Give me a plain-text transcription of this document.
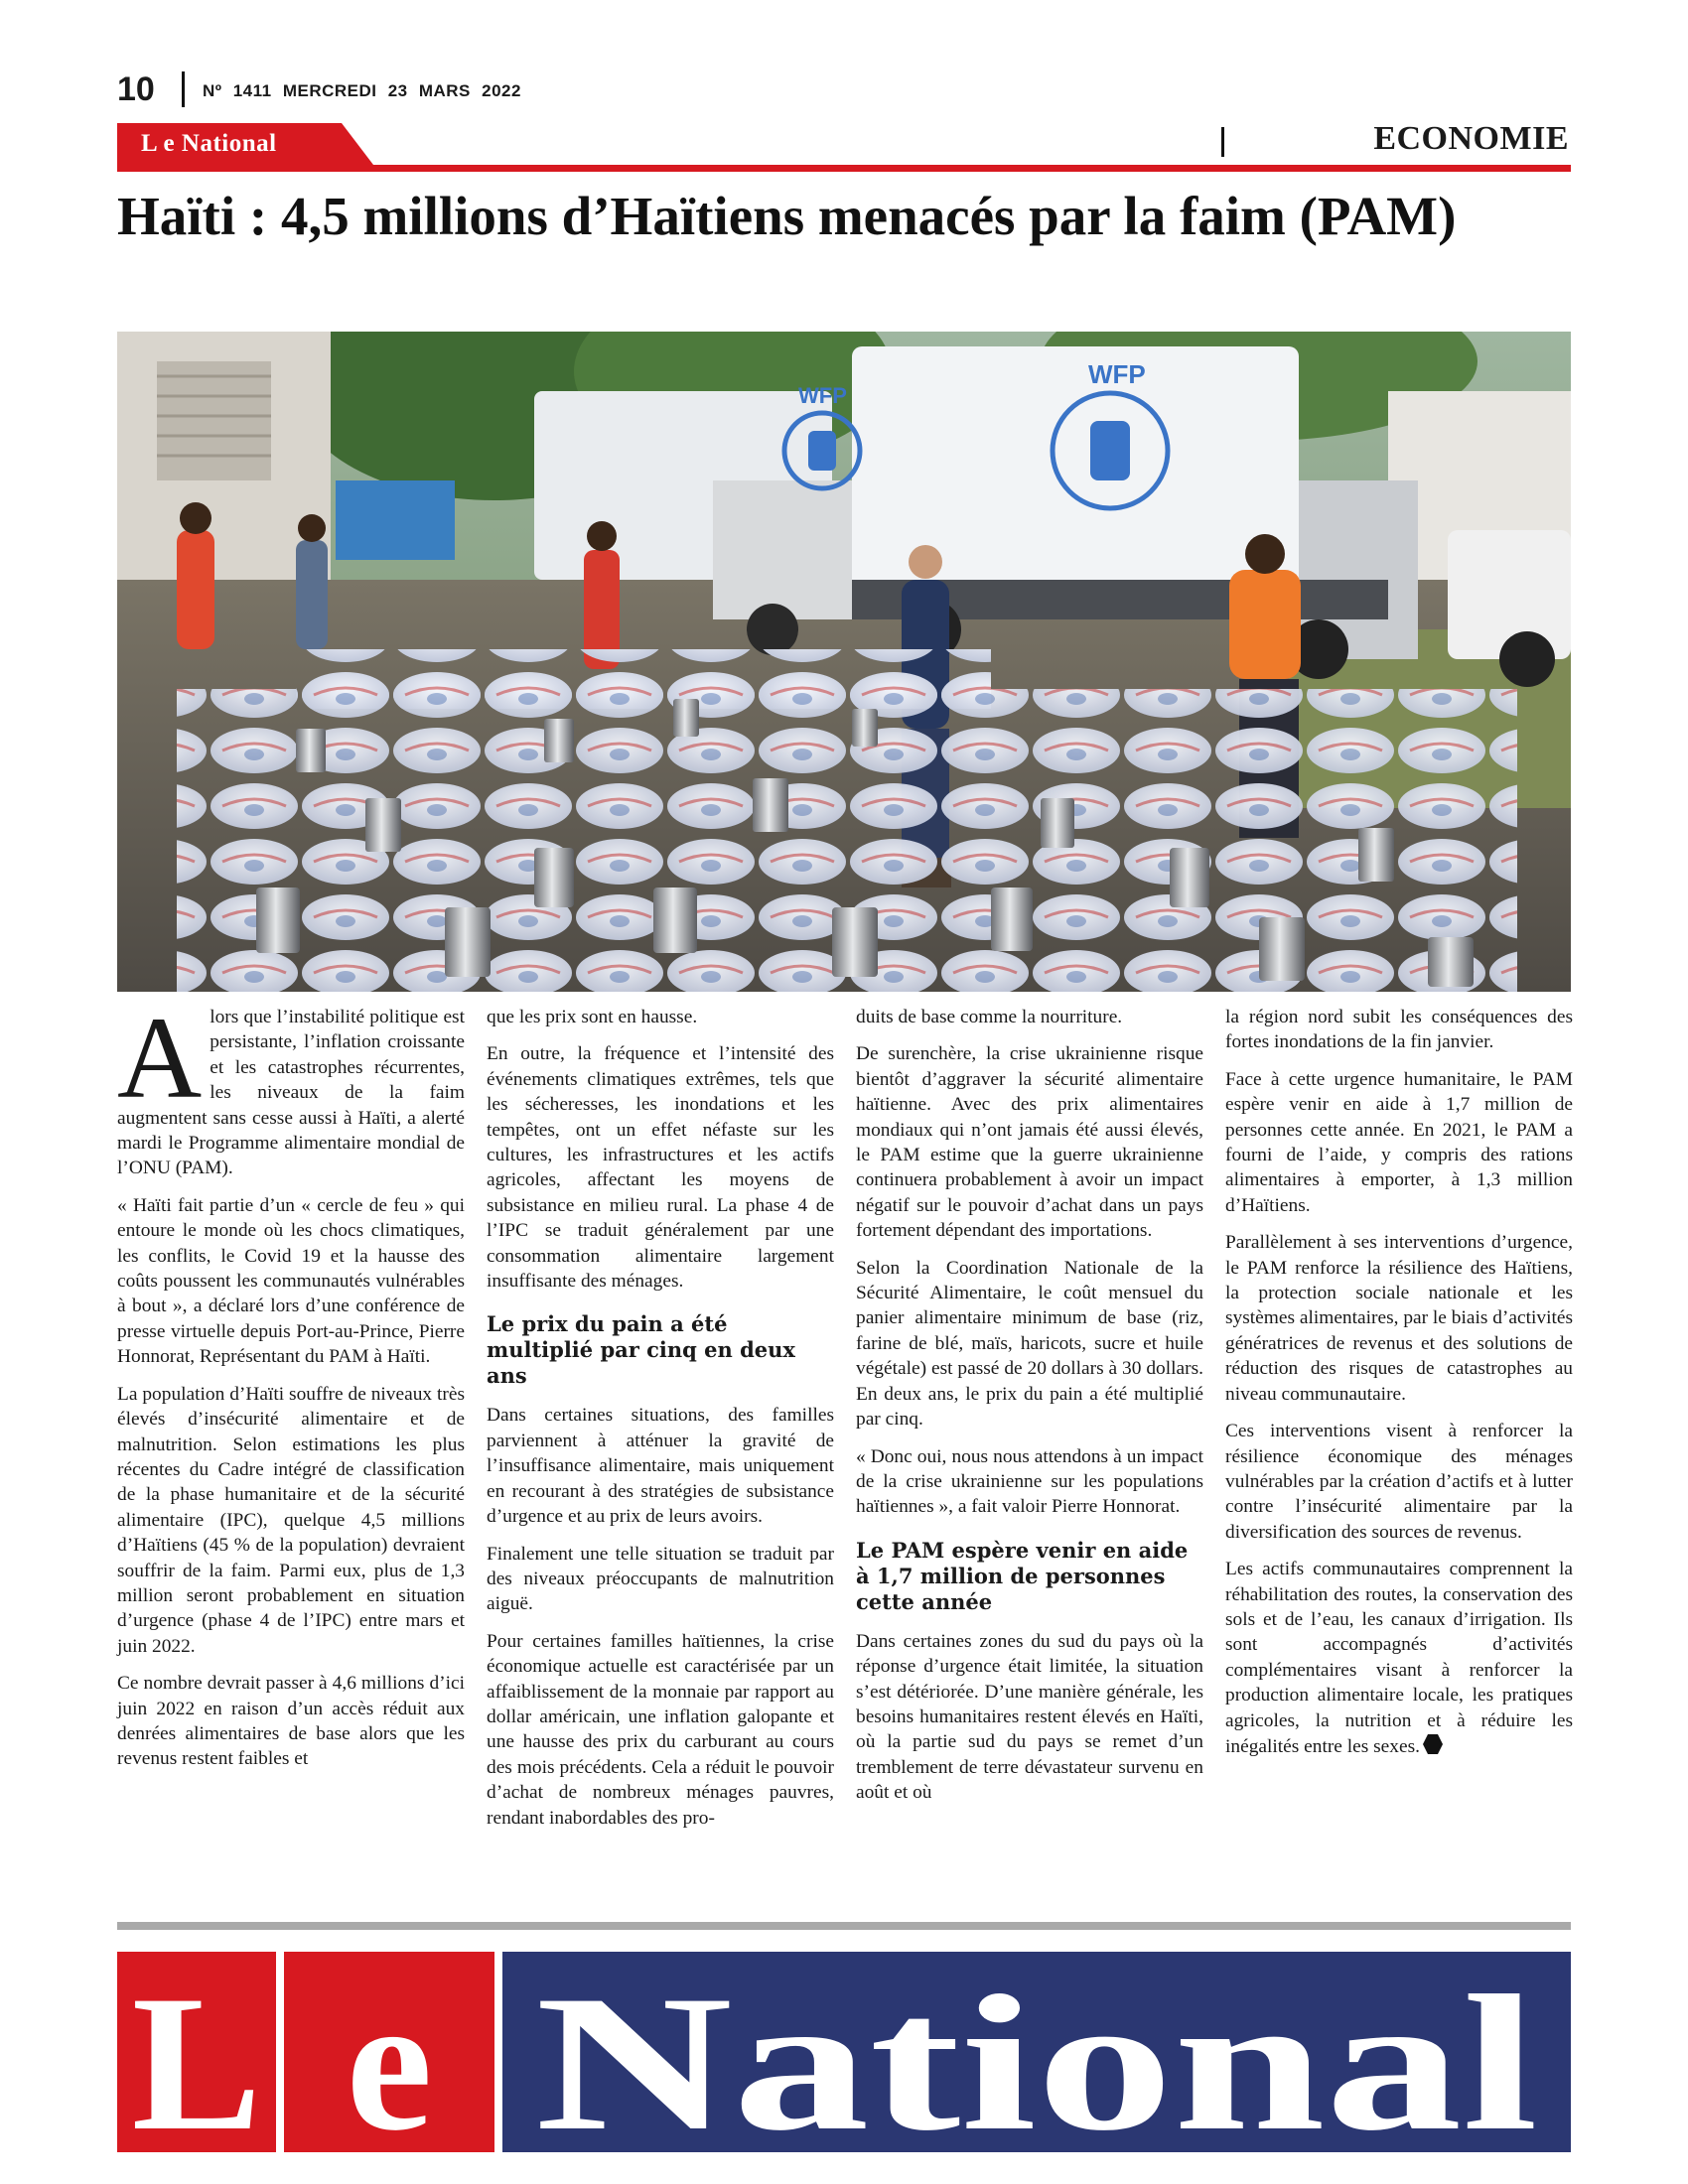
10	Nº 1411 MERCREDI 23 MARS 2022
L e National	ECONOMIE
Haïti : 4,5 millions d’Haïtiens menacés par la faim (PAM)
WFP
WFP

Alors que l’instabilité politique est persistante, l’inflation croissante et les catastrophes récurrentes, les niveaux de la faim augmentent sans cesse aussi à Haïti, a alerté mardi le Programme alimentaire mondial de l’ONU (PAM).

« Haïti fait partie d’un « cercle de feu » qui entoure le monde où les chocs climatiques, les conflits, le Covid 19 et la hausse des coûts poussent les communautés vulnérables à bout », a déclaré lors d’une conférence de presse virtuelle depuis Port-au-Prince, Pierre Honnorat, Représentant du PAM à Haïti.

La population d’Haïti souffre de niveaux très élevés d’insécurité alimentaire et de malnutrition. Selon estimations les plus récentes du Cadre intégré de classification de la phase humanitaire et de la sécurité alimentaire (IPC), quelque 4,5 millions d’Haïtiens (45 % de la population) devraient souffrir de la faim. Parmi eux, plus de 1,3 million seront probablement en situation d’urgence (phase 4 de l’IPC) entre mars et juin 2022.

Ce nombre devrait passer à 4,6 millions d’ici juin 2022 en raison d’un accès réduit aux denrées alimentaires de base alors que les revenus restent faibles et

que les prix sont en hausse.

En outre, la fréquence et l’intensité des événements climatiques extrêmes, tels que les sécheresses, les inondations et les tempêtes, ont un effet néfaste sur les cultures, les infrastructures et les actifs agricoles, affectant les moyens de subsistance en milieu rural. La phase 4 de l’IPC se traduit généralement par une consommation alimentaire largement insuffisante des ménages.

Le prix du pain a été multiplié par cinq en deux ans

Dans certaines situations, des familles parviennent à atténuer la gravité de l’insuffisance alimentaire, mais uniquement en recourant à des stratégies de subsistance d’urgence et au prix de leurs avoirs.

Finalement une telle situation se traduit par des niveaux préoccupants de malnutrition aiguë.

Pour certaines familles haïtiennes, la crise économique actuelle est caractérisée par un affaiblissement de la monnaie par rapport au dollar américain, une inflation galopante et une hausse des prix du carburant au cours des mois précédents. Cela a réduit le pouvoir d’achat de nombreux ménages pauvres, rendant inabordables des pro-

duits de base comme la nourriture.

De surenchère, la crise ukrainienne risque bientôt d’aggraver la sécurité alimentaire haïtienne. Avec des prix alimentaires mondiaux qui n’ont jamais été aussi élevés, le PAM estime que la guerre ukrainienne continuera probablement à avoir un impact négatif sur le pouvoir d’achat dans un pays fortement dépendant des importations.

Selon la Coordination Nationale de la Sécurité Alimentaire, le coût mensuel du panier alimentaire minimum de base (riz, farine de blé, maïs, haricots, sucre et huile végétale) est passé de 20 dollars à 30 dollars. En deux ans, le prix du pain a été multiplié par cinq.

« Donc oui, nous nous attendons à un impact de la crise ukrainienne sur les populations haïtiennes », a fait valoir Pierre Honnorat.

Le PAM espère venir en aide à 1,7 million de personnes cette année

Dans certaines zones du sud du pays où la réponse d’urgence était limitée, la situation s’est détériorée. D’une manière générale, les besoins humanitaires restent élevés en Haïti, où la partie sud du pays se remet d’un tremblement de terre dévastateur survenu en août et où

la région nord subit les conséquences des fortes inondations de la fin janvier.

Face à cette urgence humanitaire, le PAM espère venir en aide à 1,7 million de personnes cette année. En 2021, le PAM a fourni de l’aide, y compris des rations alimentaires à emporter, à 1,3 million d’Haïtiens.

Parallèlement à ses interventions d’urgence, le PAM renforce la résilience des Haïtiens, la protection sociale nationale et les systèmes alimentaires, par le biais d’activités génératrices de revenus et des solutions de réduction des risques de catastrophes au niveau communautaire.

Ces interventions visent à renforcer la résilience économique des ménages vulnérables par la création d’actifs et à lutter contre l’insécurité alimentaire par la diversification des sources de revenus.

Les actifs communautaires comprennent la réhabilitation des routes, la conservation des sols et de l’eau, les canaux d’irrigation. Ils sont accompagnés d’activités complémentaires visant à renforcer la production alimentaire locale, les pratiques agricoles, la nutrition et à réduire les inégalités entre les sexes.

L e National
